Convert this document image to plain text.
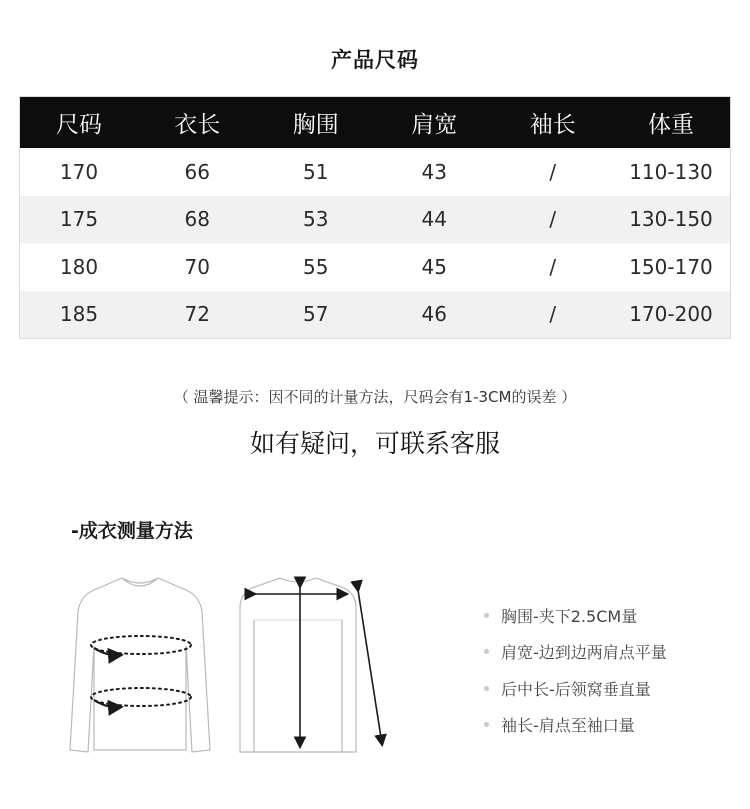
产品尺码
尺码	衣长	胸围	肩宽	袖长	体重
170	66	51	43	/	110-130
175	68	53	44	/	130-150
180	70	55	45	/	150-170
185	72	57	46	/	170-200
（ 温馨提示：因不同的计量方法，尺码会有1-3CM的误差 ）
如有疑问，可联系客服
-成衣测量方法
胸围-夹下2.5CM量
肩宽-边到边两肩点平量
后中长-后领窝垂直量
袖长-肩点至袖口量
